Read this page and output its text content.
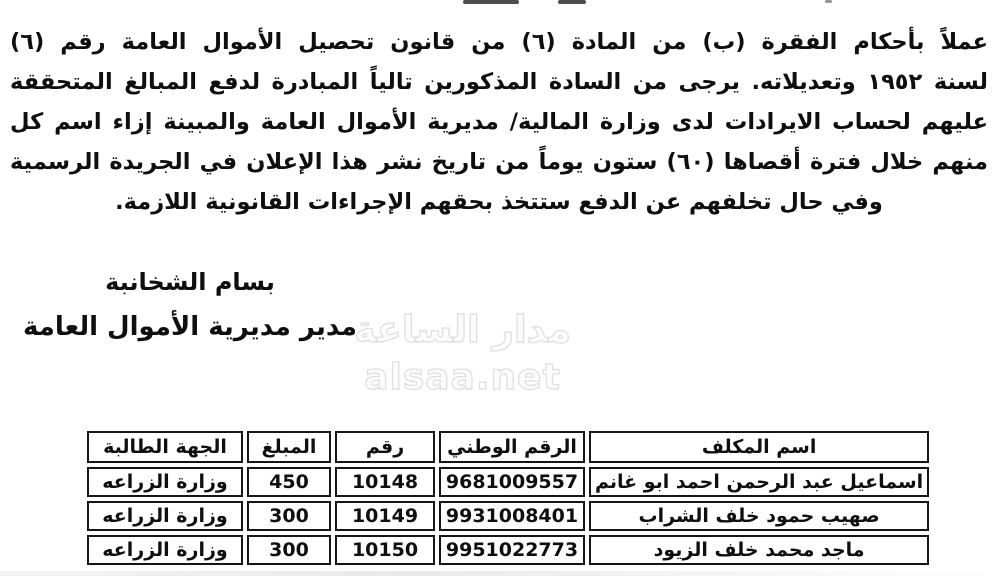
عملاً بأحكام الفقرة (ب) من المادة (٦) من قانون تحصيل الأموال العامة رقم (٦)
لسنة ١٩٥٢ وتعديلاته. يرجى من السادة المذكورين تالياً المبادرة لدفع المبالغ المتحققة
عليهم لحساب الايرادات لدى وزارة المالية/ مديرية الأموال العامة والمبينة إزاء اسم كل
منهم خلال فترة أقصاها (٦٠) ستون يوماً من تاريخ نشر هذا الإعلان في الجريدة الرسمية
وفي حال تخلفهم عن الدفع ستتخذ بحقهم الإجراءات القانونية اللازمة.
بسام الشخانبة
مدير مديرية الأموال العامة
مدار الساعة
alsaa.net
اسم المكلف	الرقم الوطني	رقم	المبلغ	الجهة الطالبة
اسماعيل عبد الرحمن احمد ابو غانم	9681009557	10148	450	وزارة الزراعه
صهيب حمود خلف الشراب	9931008401	10149	300	وزارة الزراعه
ماجد محمد خلف الزيود	9951022773	10150	300	وزارة الزراعه
